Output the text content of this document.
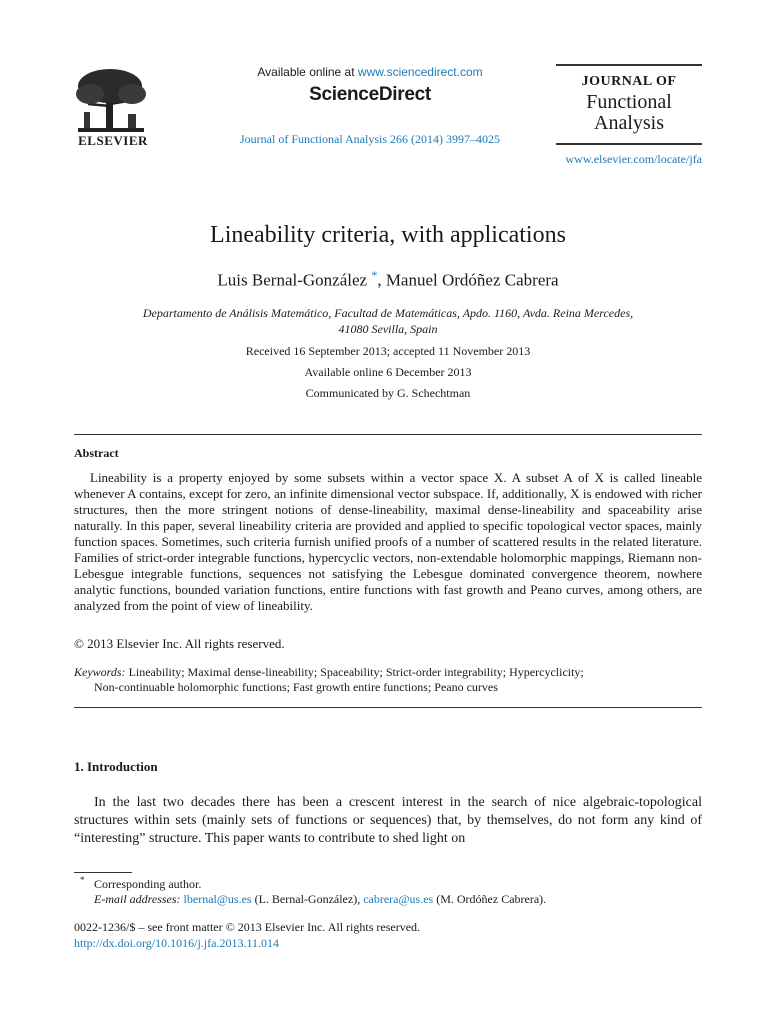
ELSEVIER
Available online at www.sciencedirect.com
ScienceDirect
Journal of Functional Analysis 266 (2014) 3997–4025
JOURNAL OF
Functional
Analysis
www.elsevier.com/locate/jfa
Lineability criteria, with applications
Luis Bernal-González *, Manuel Ordóñez Cabrera
Departamento de Análisis Matemático, Facultad de Matemáticas, Apdo. 1160, Avda. Reina Mercedes,
41080 Sevilla, Spain
Received 16 September 2013; accepted 11 November 2013
Available online 6 December 2013
Communicated by G. Schechtman
Abstract
Lineability is a property enjoyed by some subsets within a vector space X. A subset A of X is called lineable whenever A contains, except for zero, an infinite dimensional vector subspace. If, additionally, X is endowed with richer structures, then the more stringent notions of dense-lineability, maximal dense-lineability and spaceability arise naturally. In this paper, several lineability criteria are provided and applied to specific topological vector spaces, mainly function spaces. Sometimes, such criteria furnish unified proofs of a number of scattered results in the related literature. Families of strict-order integrable functions, hypercyclic vectors, non-extendable holomorphic mappings, Riemann non-Lebesgue integrable functions, sequences not satisfying the Lebesgue dominated convergence theorem, nowhere analytic functions, bounded variation functions, entire functions with fast growth and Peano curves, among others, are analyzed from the point of view of lineability.
© 2013 Elsevier Inc. All rights reserved.
Keywords: Lineability; Maximal dense-lineability; Spaceability; Strict-order integrability; Hypercyclicity;
Non-continuable holomorphic functions; Fast growth entire functions; Peano curves
1. Introduction
In the last two decades there has been a crescent interest in the search of nice algebraic-topological structures within sets (mainly sets of functions or sequences) that, by themselves, do not form any kind of “interesting” structure. This paper wants to contribute to shed light on
* Corresponding author.
E-mail addresses: lbernal@us.es (L. Bernal-González), cabrera@us.es (M. Ordóñez Cabrera).
0022-1236/$ – see front matter © 2013 Elsevier Inc. All rights reserved.
http://dx.doi.org/10.1016/j.jfa.2013.11.014
